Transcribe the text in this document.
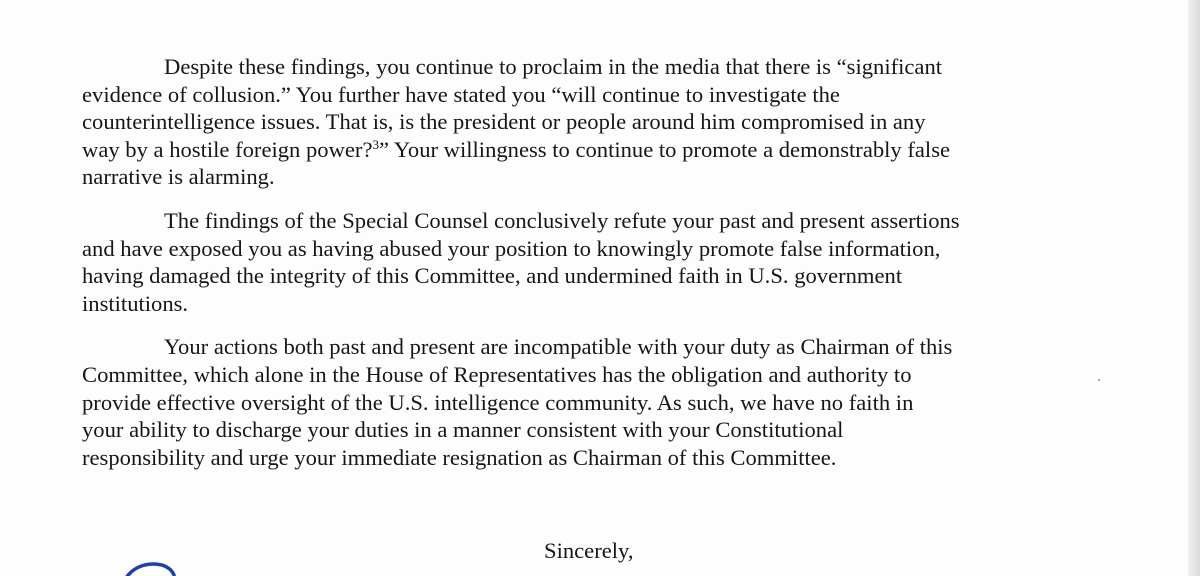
Despite these findings, you continue to proclaim in the media that there is “significant
evidence of collusion.” You further have stated you “will continue to investigate the
counterintelligence issues. That is, is the president or people around him compromised in any
way by a hostile foreign power?$^3$” Your willingness to continue to promote a demonstrably false
narrative is alarming.

The findings of the Special Counsel conclusively refute your past and present assertions
and have exposed you as having abused your position to knowingly promote false information,
having damaged the integrity of this Committee, and undermined faith in U.S. government
institutions.

Your actions both past and present are incompatible with your duty as Chairman of this
Committee, which alone in the House of Representatives has the obligation and authority to
provide effective oversight of the U.S. intelligence community. As such, we have no faith in
your ability to discharge your duties in a manner consistent with your Constitutional
responsibility and urge your immediate resignation as Chairman of this Committee.

Sincerely,
